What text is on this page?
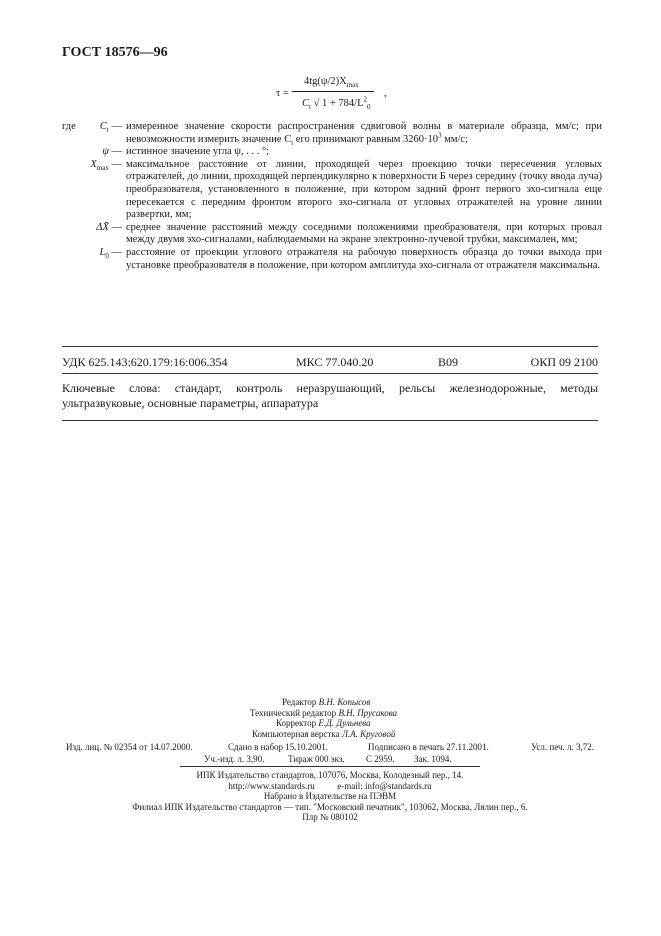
ГОСТ 18576—96
τ =
$4tg(\psi/2)X_{max}$
$C_t$ √ $1 + 784/L^2_0$
,
где $C_t$ — измеренное значение скорости распространения сдвиговой волны в материале образца, мм/с; при невозможности измерить значение $C_t$ его принимают равным $3260\cdot 10^3$ мм/с;
ψ — истинное значение угла ψ, . . . °;
$X_{max}$ — максимальное расстояние от линии, проходящей через проекцию точки пересечения угловых отражателей, до линии, проходящей перпендикулярно к поверхности Б через середину (точку ввода луча) преобразователя, установленного в положение, при котором задний фронт первого эхо-сигнала еще пересекается с передним фронтом второго эхо-сигнала от угловых отражателей на уровне линии развертки, мм;
ΔX̄ — среднее значение расстояний между соседними положениями преобразователя, при которых провал между двумя эхо-сигналами, наблюдаемыми на экране электронно-лучевой трубки, максимален, мм;
$L_0$ — расстояние от проекции углового отражателя на рабочую поверхность образца до точки выхода при установке преобразователя в положение, при котором амплитуда эхо-сигнала от отражателя максимальна.
УДК 625.143:620.179:16:006.354	МКС 77.040.20	В09	ОКП 09 2100
Ключевые слова: стандарт, контроль неразрушающий, рельсы железнодорожные, методы ультразвуковые, основные параметры, аппаратура
Редактор В.Н. Копысов
Технический редактор В.Н. Прусакова
Корректор Е.Д. Дульнева
Компьютерная верстка Л.А. Круговой
Изд. лиц. № 02354 от 14.07.2000.	Сдано в набор 15.10.2001.	Подписано в печать 27.11.2001.	Усл. печ. л. 3,72.
Уч.-изд. л. 3,90.	Тираж 000 экз. С 2959. Зак. 1094.
ИПК Издательство стандартов, 107076, Москва, Колодезный пер., 14.
http://www.standards.ru          e-mail: info@standards.ru
Набрано в Издательстве на ПЭВМ
Филиал ИПК Издательство стандартов — тип. "Московский печатник", 103062, Москва, Лялин пер., 6.
Плр № 080102
